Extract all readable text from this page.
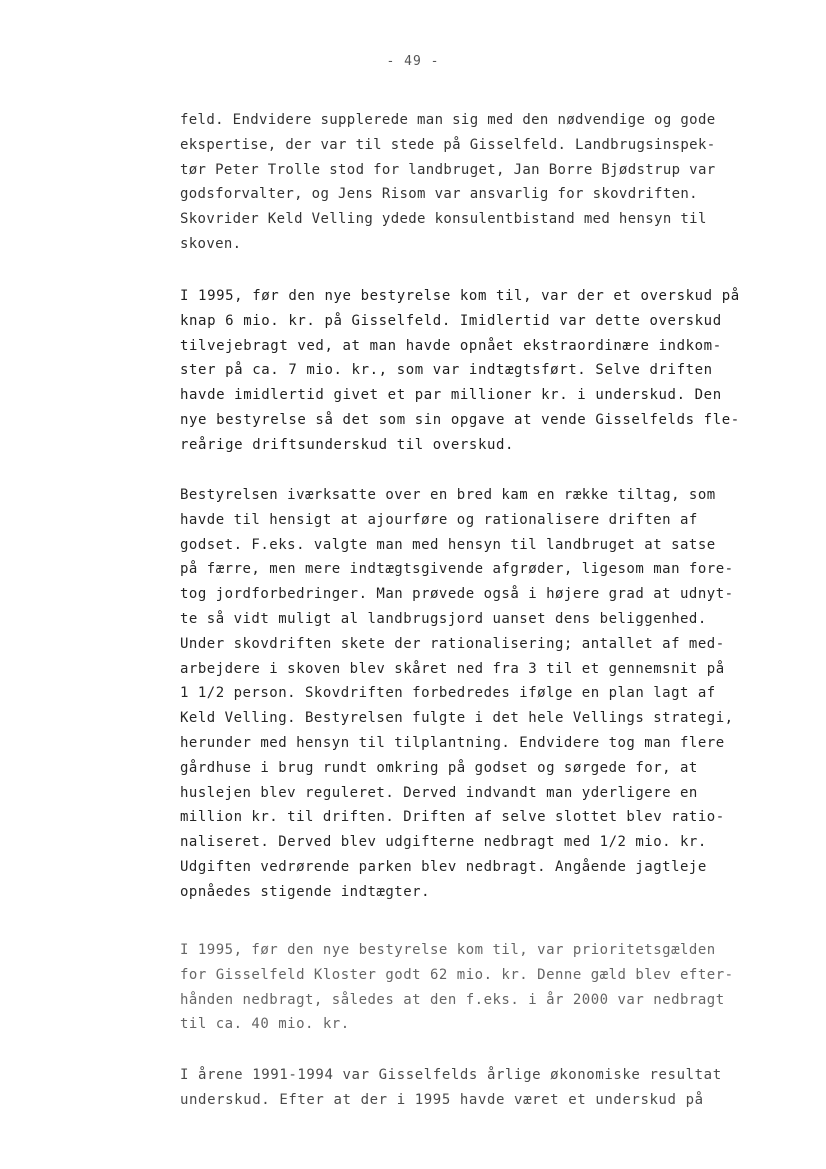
- 49 -
feld. Endvidere supplerede man sig med den nødvendige og gode
ekspertise, der var til stede på Gisselfeld. Landbrugsinspek-
tør Peter Trolle stod for landbruget, Jan Borre Bjødstrup var
godsforvalter, og Jens Risom var ansvarlig for skovdriften.
Skovrider Keld Velling ydede konsulentbistand med hensyn til
skoven.
I 1995, før den nye bestyrelse kom til, var der et overskud på
knap 6 mio. kr. på Gisselfeld. Imidlertid var dette overskud
tilvejebragt ved, at man havde opnået ekstraordinære indkom-
ster på ca. 7 mio. kr., som var indtægtsført. Selve driften
havde imidlertid givet et par millioner kr. i underskud. Den
nye bestyrelse så det som sin opgave at vende Gisselfelds fle-
reårige driftsunderskud til overskud.
Bestyrelsen iværksatte over en bred kam en række tiltag, som
havde til hensigt at ajourføre og rationalisere driften af
godset. F.eks. valgte man med hensyn til landbruget at satse
på færre, men mere indtægtsgivende afgrøder, ligesom man fore-
tog jordforbedringer. Man prøvede også i højere grad at udnyt-
te så vidt muligt al landbrugsjord uanset dens beliggenhed.
Under skovdriften skete der rationalisering; antallet af med-
arbejdere i skoven blev skåret ned fra 3 til et gennemsnit på
1 1/2 person. Skovdriften forbedredes ifølge en plan lagt af
Keld Velling. Bestyrelsen fulgte i det hele Vellings strategi,
herunder med hensyn til tilplantning. Endvidere tog man flere
gårdhuse i brug rundt omkring på godset og sørgede for, at
huslejen blev reguleret. Derved indvandt man yderligere en
million kr. til driften. Driften af selve slottet blev ratio-
naliseret. Derved blev udgifterne nedbragt med 1/2 mio. kr.
Udgiften vedrørende parken blev nedbragt. Angående jagtleje
opnåedes stigende indtægter.
I 1995, før den nye bestyrelse kom til, var prioritetsgælden
for Gisselfeld Kloster godt 62 mio. kr. Denne gæld blev efter-
hånden nedbragt, således at den f.eks. i år 2000 var nedbragt
til ca. 40 mio. kr.
I årene 1991-1994 var Gisselfelds årlige økonomiske resultat
underskud. Efter at der i 1995 havde været et underskud på
